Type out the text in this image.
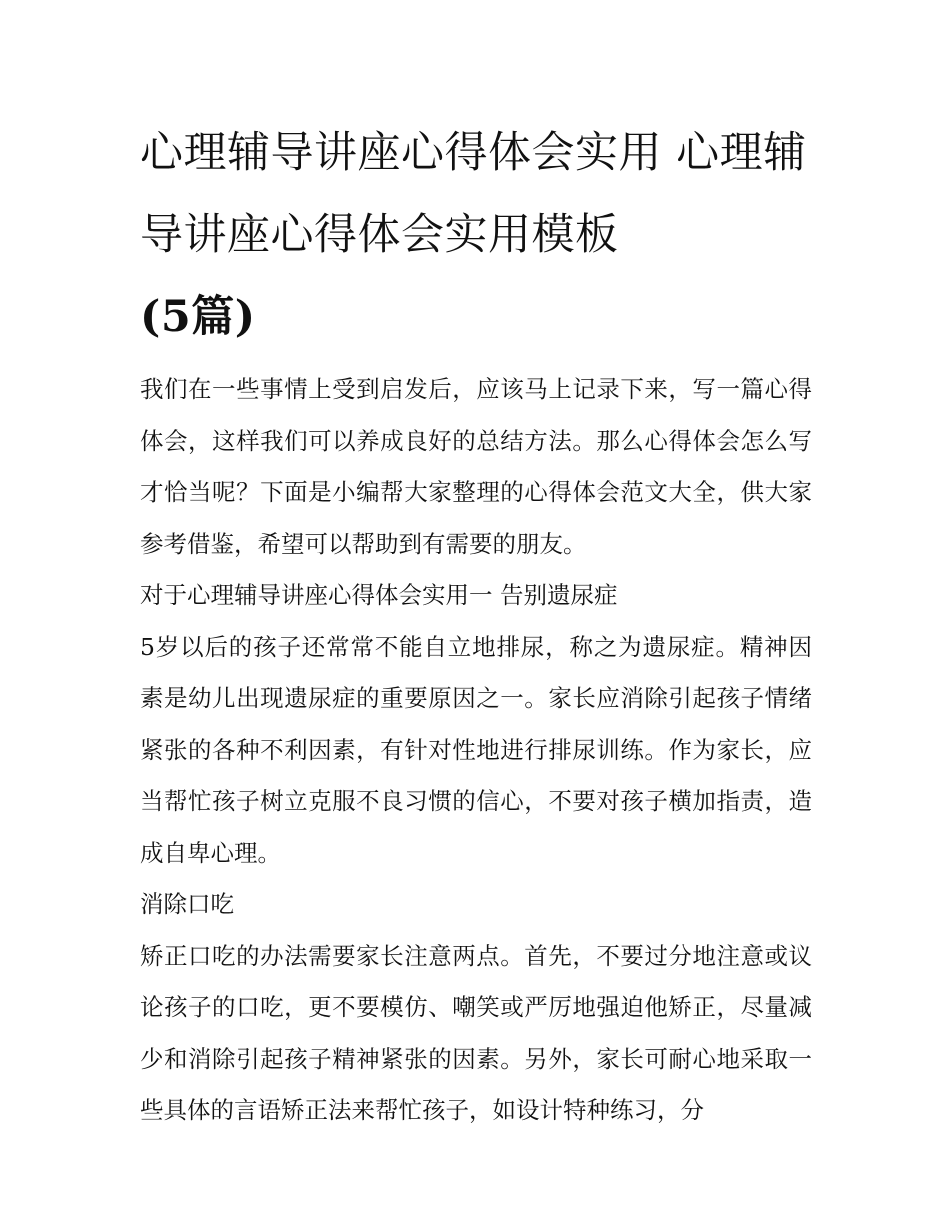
心理辅导讲座心得体会实用 心理辅导讲座心得体会实用模板
(5篇)

我们在一些事情上受到启发后，应该马上记录下来，写一篇心得体会，这样我们可以养成良好的总结方法。那么心得体会怎么写才恰当呢？下面是小编帮大家整理的心得体会范文大全，供大家参考借鉴，希望可以帮助到有需要的朋友。

对于心理辅导讲座心得体会实用一 告别遗尿症

5岁以后的孩子还常常不能自立地排尿，称之为遗尿症。精神因素是幼儿出现遗尿症的重要原因之一。家长应消除引起孩子情绪紧张的各种不利因素，有针对性地进行排尿训练。作为家长，应当帮忙孩子树立克服不良习惯的信心，不要对孩子横加指责，造成自卑心理。

消除口吃

矫正口吃的办法需要家长注意两点。首先，不要过分地注意或议论孩子的口吃，更不要模仿、嘲笑或严厉地强迫他矫正，尽量减少和消除引起孩子精神紧张的因素。另外，家长可耐心地采取一些具体的言语矫正法来帮忙孩子，如设计特种练习，分
